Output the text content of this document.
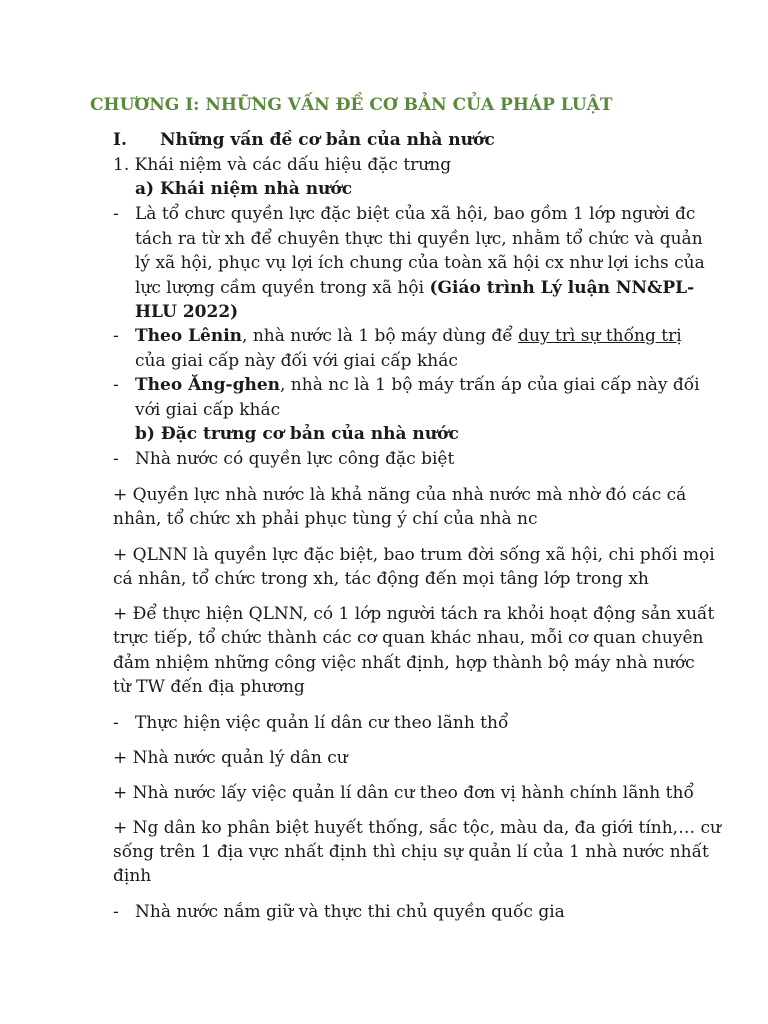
CHƯƠNG I: NHỮNG VẤN ĐỀ CƠ BẢN CỦA PHÁP LUẬT
I. Những vấn đề cơ bản của nhà nước
1. Khái niệm và các dấu hiệu đặc trưng
a) Khái niệm nhà nước
- Là tổ chưc quyền lực đặc biệt của xã hội, bao gồm 1 lớp người đc
tách ra từ xh để chuyên thực thi quyền lực, nhằm tổ chức và quản
lý xã hội, phục vụ lợi ích chung của toàn xã hội cx như lợi ichs của
lực lượng cầm quyền trong xã hội (Giáo trình Lý luận NN&PL-
HLU 2022)
- Theo Lênin, nhà nước là 1 bộ máy dùng để duy trì sự thống trị
của giai cấp này đối với giai cấp khác
- Theo Ăng-ghen, nhà nc là 1 bộ máy trấn áp của giai cấp này đối
với giai cấp khác
b) Đặc trưng cơ bản của nhà nước
- Nhà nước có quyền lực công đặc biệt
+ Quyền lực nhà nước là khả năng của nhà nước mà nhờ đó các cá
nhân, tổ chức xh phải phục tùng ý chí của nhà nc
+ QLNN là quyền lực đặc biệt, bao trum đời sống xã hội, chi phối mọi
cá nhân, tổ chức trong xh, tác động đến mọi tâng lớp trong xh
+ Để thực hiện QLNN, có 1 lớp người tách ra khỏi hoạt động sản xuất
trực tiếp, tổ chức thành các cơ quan khác nhau, mỗi cơ quan chuyên
đảm nhiệm những công việc nhất định, hợp thành bộ máy nhà nước
từ TW đến địa phương
- Thực hiện việc quản lí dân cư theo lãnh thổ
+ Nhà nước quản lý dân cư
+ Nhà nước lấy việc quản lí dân cư theo đơn vị hành chính lãnh thổ
+ Ng dân ko phân biệt huyết thống, sắc tộc, màu da, đa giới tính,… cư
sống trên 1 địa vực nhất định thì chịu sự quản lí của 1 nhà nước nhất
định
- Nhà nước nắm giữ và thực thi chủ quyền quốc gia
